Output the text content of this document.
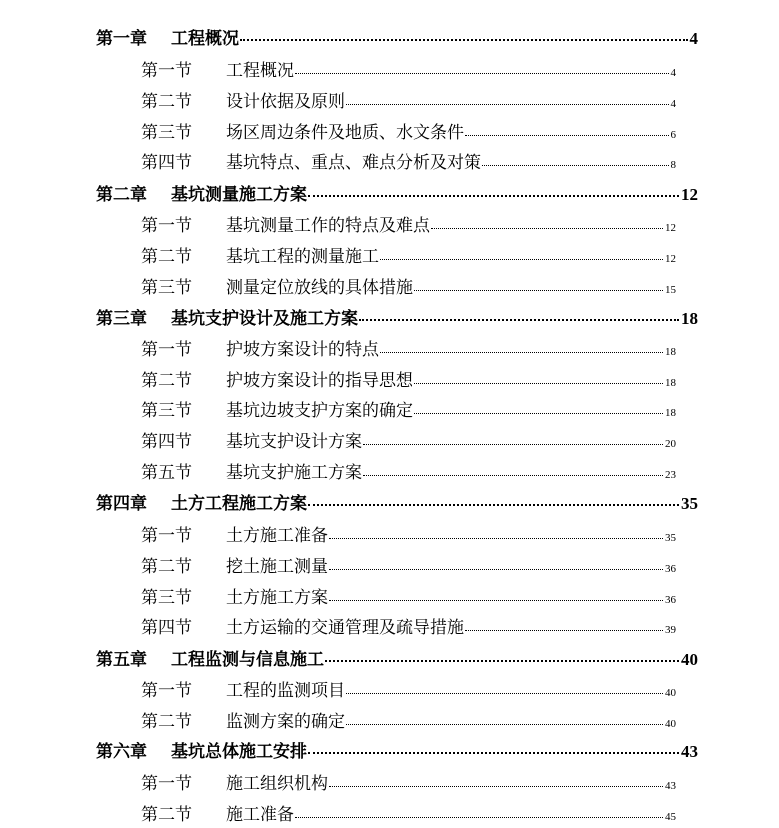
第一章	工程概况	4
第一节	工程概况	4
第二节	设计依据及原则	4
第三节	场区周边条件及地质、水文条件	6
第四节	基坑特点、重点、难点分析及对策	8
第二章	基坑测量施工方案	12
第一节	基坑测量工作的特点及难点	12
第二节	基坑工程的测量施工	12
第三节	测量定位放线的具体措施	15
第三章	基坑支护设计及施工方案	18
第一节	护坡方案设计的特点	18
第二节	护坡方案设计的指导思想	18
第三节	基坑边坡支护方案的确定	18
第四节	基坑支护设计方案	20
第五节	基坑支护施工方案	23
第四章	土方工程施工方案	35
第一节	土方施工准备	35
第二节	挖土施工测量	36
第三节	土方施工方案	36
第四节	土方运输的交通管理及疏导措施	39
第五章	工程监测与信息施工	40
第一节	工程的监测项目	40
第二节	监测方案的确定	40
第六章	基坑总体施工安排	43
第一节	施工组织机构	43
第二节	施工准备	45
